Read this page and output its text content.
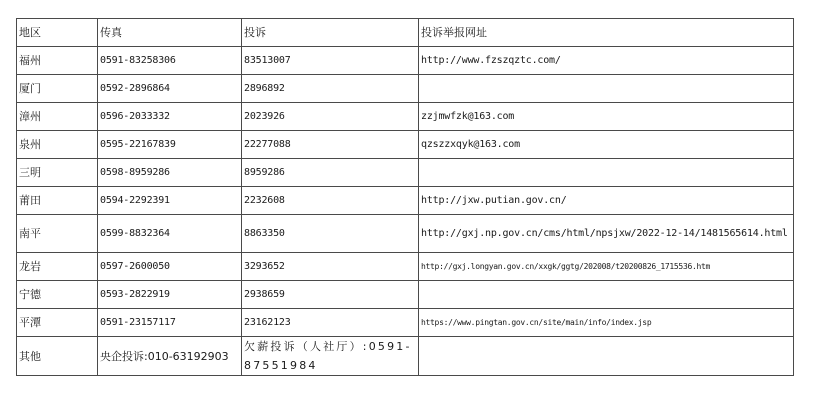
地区	传真	投诉	投诉举报网址
福州	0591-83258306	83513007	http://www.fzszqztc.com/
厦门	0592-2896864	2896892	
漳州	0596-2033332	2023926	zzjmwfzk@163.com
泉州	0595-22167839	22277088	qzszzxqyk@163.com
三明	0598-8959286	8959286	
莆田	0594-2292391	2232608	http://jxw.putian.gov.cn/
南平	0599-8832364	8863350	http://gxj.np.gov.cn/cms/html/npsjxw/2022-12-14/1481565614.html
龙岩	0597-2600050	3293652	http://gxj.longyan.gov.cn/xxgk/ggtg/202008/t20200826_1715536.htm
宁德	0593-2822919	2938659	
平潭	0591-23157117	23162123	https://www.pingtan.gov.cn/site/main/info/index.jsp
其他	央企投诉:010-63192903	欠薪投诉（人社厅）:0591-87551984	
